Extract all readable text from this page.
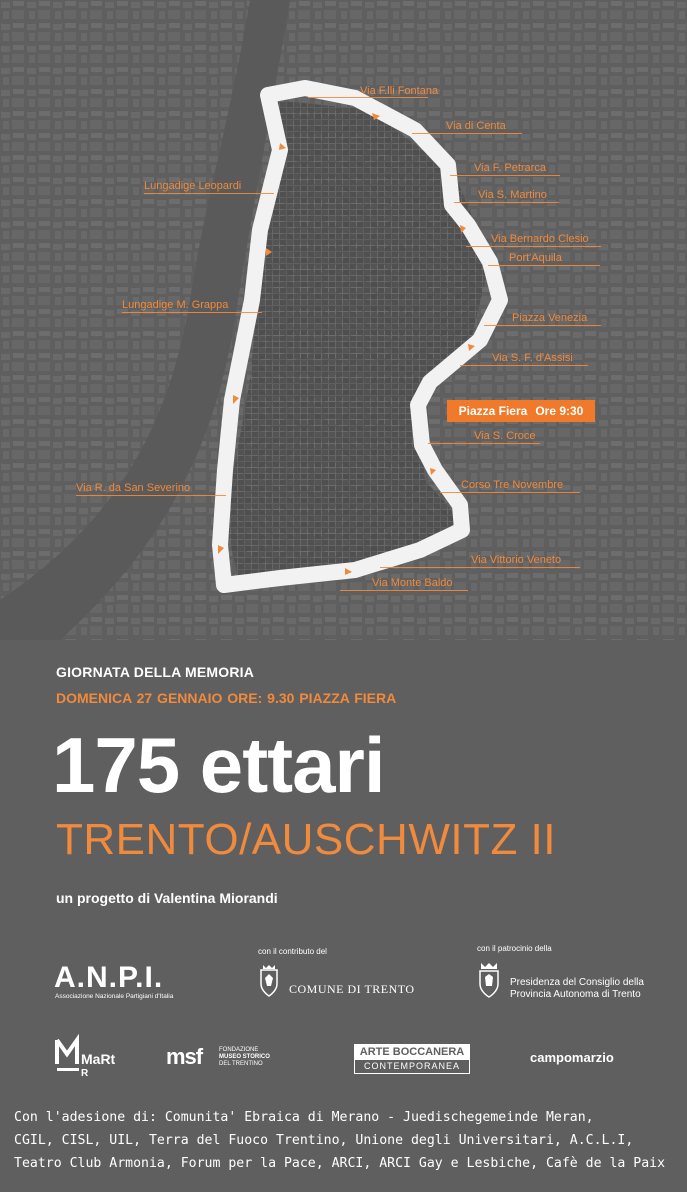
Via F.lli Fontana
Via di Centa
Via F. Petrarca
Via S. Martino
Via Bernardo Clesio
Port'Aquila
Piazza Venezia
Via S. F. d'Assisi
Piazza Fiera Ore 9:30
Via S. Croce
Corso Tre Novembre
Via Vittorio Veneto
Via Monte Baldo
Via R. da San Severino
Lungadige M. Grappa
Lungadige Leopardi
GIORNATA DELLA MEMORIA
DOMENICA 27 GENNAIO ORE: 9.30 PIAZZA FIERA
175 ettari
TRENTO/AUSCHWITZ II
un progetto di Valentina Miorandi
con il contributo del	con il patrocinio della
A.N.P.I.
Associazione Nazionale Partigiani d'Italia
COMUNE DI TRENTO	Presidenza del Consiglio della
Provincia Autonoma di Trento
MaRt
R
msf	FONDAZIONE
MUSEO STORICO
DEL TRENTINO
ARTE BOCCANERA
CONTEMPORANEA
campomarzio
Con l'adesione di: Comunita' Ebraica di Merano - Juedischegemeinde Meran,
CGIL, CISL, UIL, Terra del Fuoco Trentino, Unione degli Universitari, A.C.L.I,
Teatro Club Armonia, Forum per la Pace, ARCI, ARCI Gay e Lesbiche, Cafè de la Paix
